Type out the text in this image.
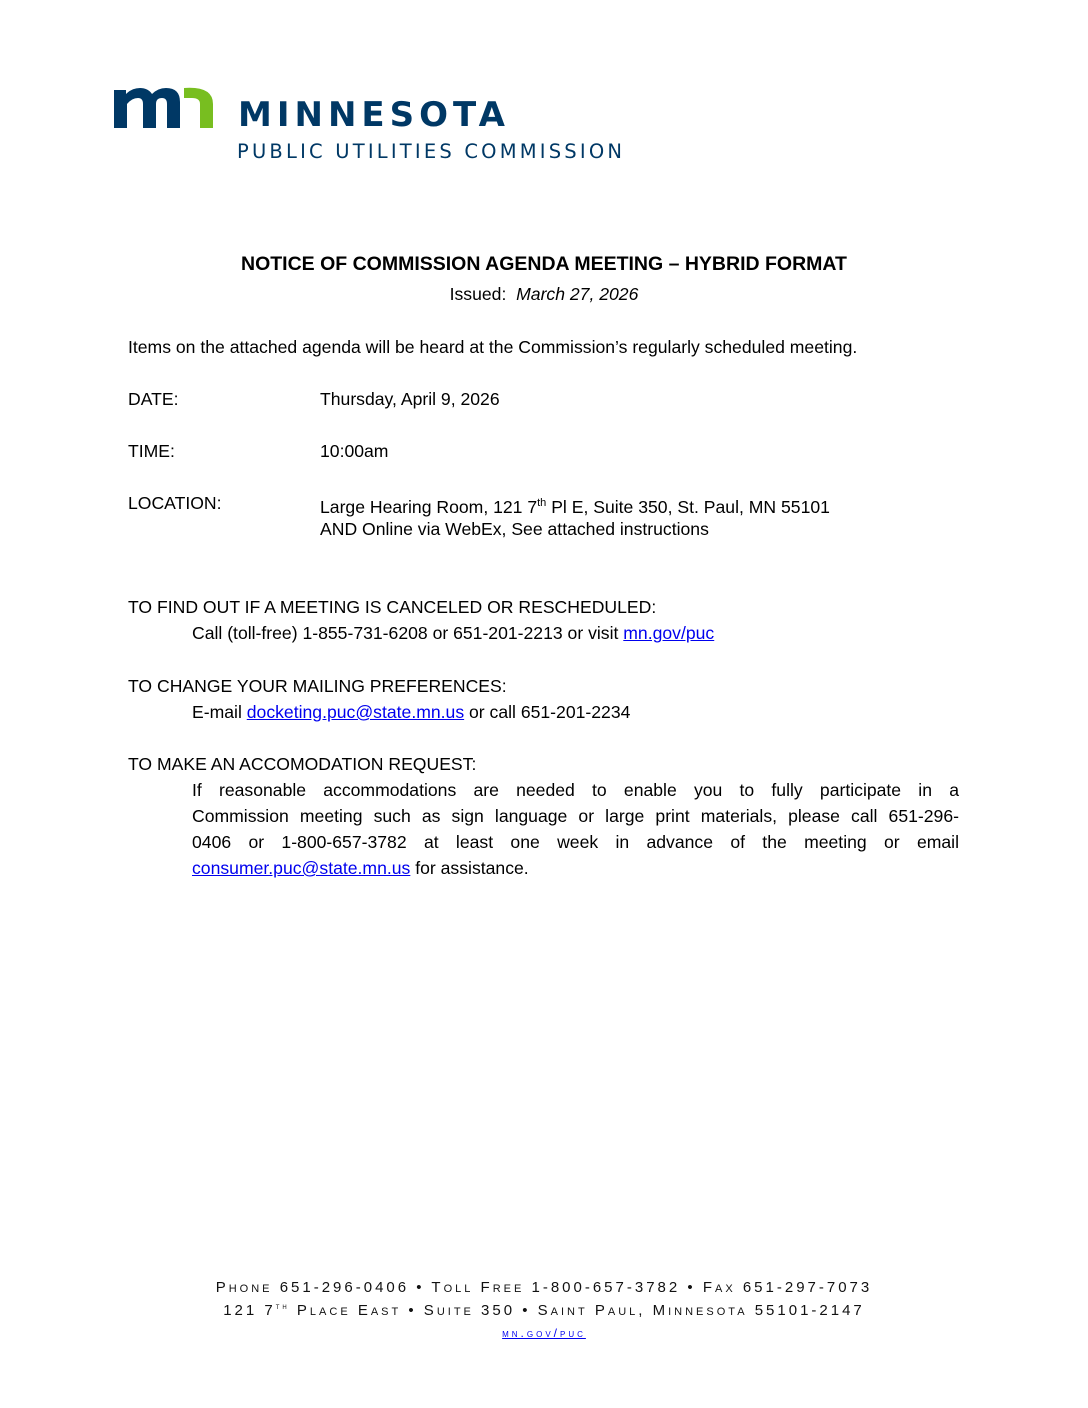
MINNESOTA
PUBLIC UTILITIES COMMISSION
NOTICE OF COMMISSION AGENDA MEETING – HYBRID FORMAT
Issued: March 27, 2026
Items on the attached agenda will be heard at the Commission’s regularly scheduled meeting.
DATE:	Thursday, April 9, 2026
TIME:	10:00am
LOCATION:	Large Hearing Room, 121 7th Pl E, Suite 350, St. Paul, MN 55101
AND Online via WebEx, See attached instructions
TO FIND OUT IF A MEETING IS CANCELED OR RESCHEDULED:
Call (toll-free) 1-855-731-6208 or 651-201-2213 or visit mn.gov/puc
TO CHANGE YOUR MAILING PREFERENCES:
E-mail docketing.puc@state.mn.us or call 651-201-2234
TO MAKE AN ACCOMODATION REQUEST:
If reasonable accommodations are needed to enable you to fully participate in a
Commission meeting such as sign language or large print materials, please call 651-296-
0406 or 1-800-657-3782 at least one week in advance of the meeting or email
consumer.puc@state.mn.us for assistance.
Phone 651-296-0406 • Toll Free 1-800-657-3782 • Fax 651-297-7073
121 7th Place East • Suite 350 • Saint Paul, Minnesota 55101-2147
mn.gov/puc
